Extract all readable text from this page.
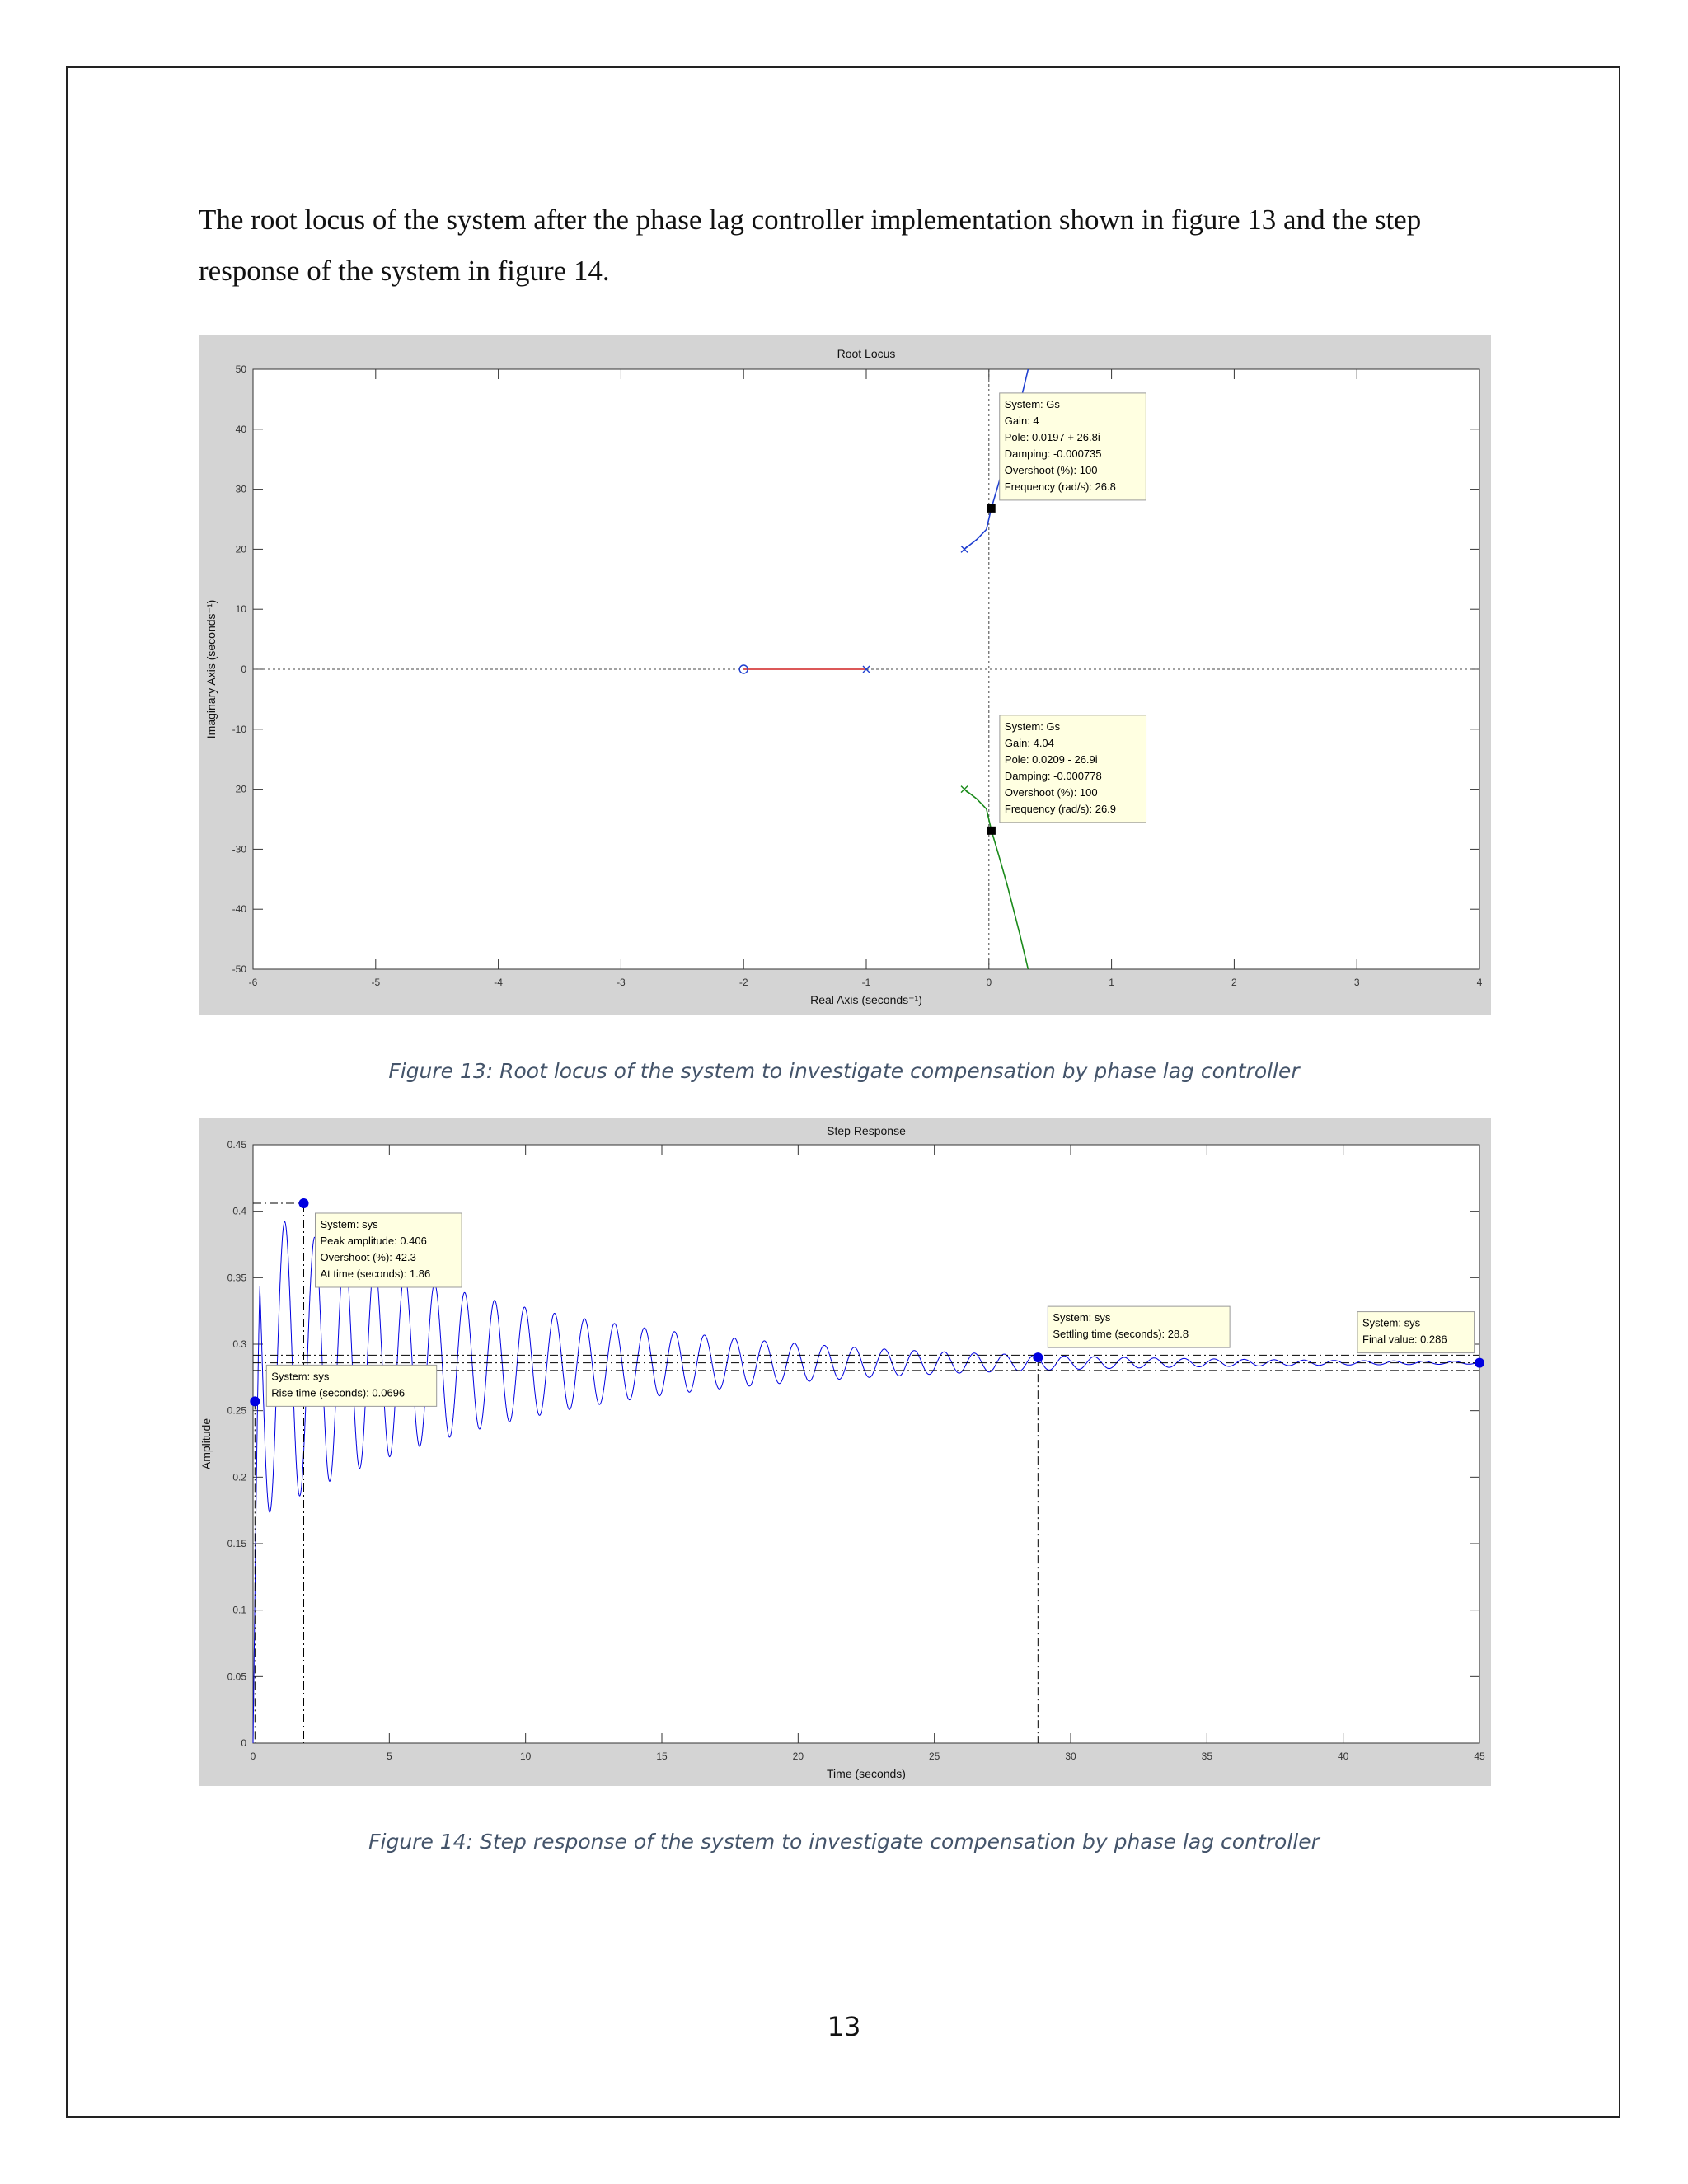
The root locus of the system after the phase lag controller implementation shown in figure 13 and the step response of the system in figure 14.

Root Locus
Real Axis (seconds⁻¹)
Imaginary Axis (seconds⁻¹)
-6	-5	-4	-3	-2	-1	0	1	2	3	4
50
40
30
20
10
0
-10
-20
-30
-40
-50
System: Gs
Gain: 4
Pole: 0.0197 + 26.8i
Damping: -0.000735
Overshoot (%): 100
Frequency (rad/s): 26.8
System: Gs
Gain: 4.04
Pole: 0.0209 - 26.9i
Damping: -0.000778
Overshoot (%): 100
Frequency (rad/s): 26.9
Figure 13: Root locus of the system to investigate compensation by phase lag controller
Step Response
Time (seconds)
Amplitude
0	5	10	15	20	25	30	35	40	45
0.45
0.4
0.35
0.3
0.25
0.2
0.15
0.1
0.05
0
System: sys
Peak amplitude: 0.406
Overshoot (%): 42.3
At time (seconds): 1.86
System: sys
Rise time (seconds): 0.0696
System: sys
Settling time (seconds): 28.8
System: sys
Final value: 0.286
Figure 14: Step response of the system to investigate compensation by phase lag controller
13
